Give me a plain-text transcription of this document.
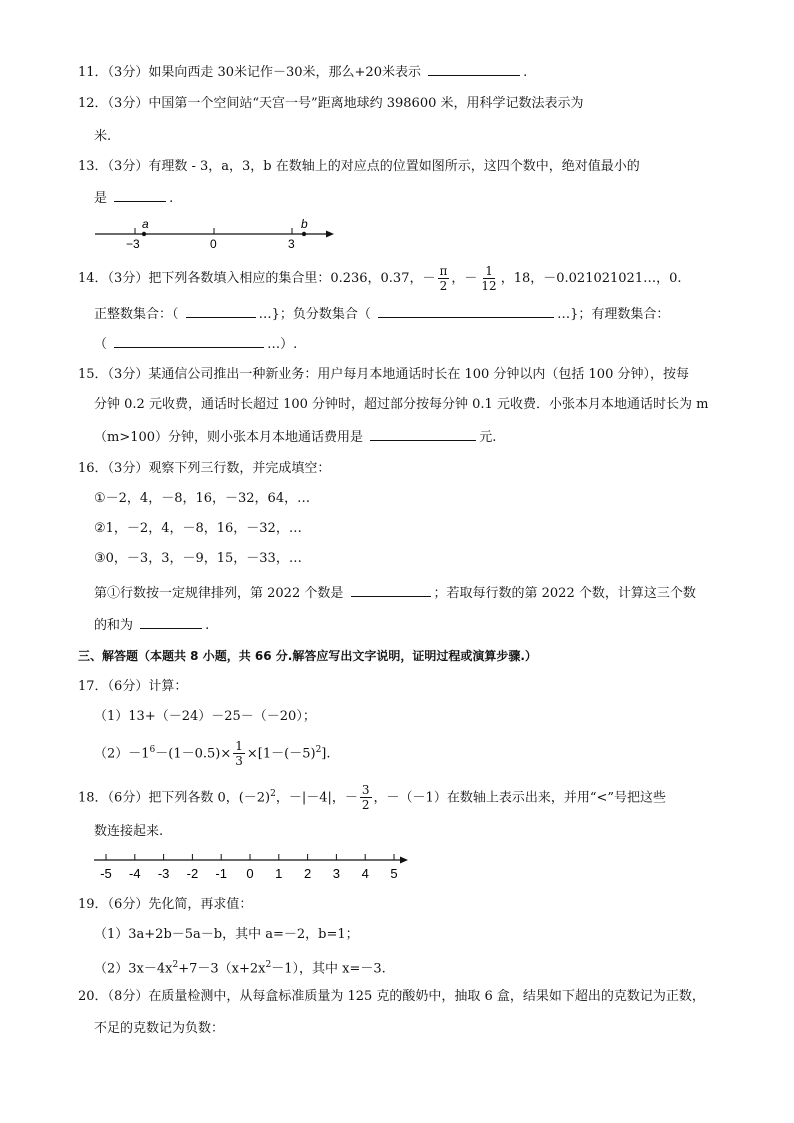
11．（3分）如果向西走 30米记作－30米，那么+20米表示	.
12．（3分）中国第一个空间站“天宫一号”距离地球约 398600 米，用科学记数法表示为
米.
13．（3分）有理数 - 3，a，3，b 在数轴上的对应点的位置如图所示，这四个数中，绝对值最小的
是	.
a	b
−3	0	3
14．（3分）把下列各数填入相应的集合里：0.236，0.37，－ $\frac{\pi}{2}$ ，－ $\frac{1}{12}$ ，18，－0.021021021…，0.
正整数集合：（	…}；负分数集合（	…}；有理数集合：
（	…）.
15．（3分）某通信公司推出一种新业务：用户每月本地通话时长在 100 分钟以内（包括 100 分钟），按每
分钟 0.2 元收费，通话时长超过 100 分钟时，超过部分按每分钟 0.1 元收费．小张本月本地通话时长为 m
（m>100）分钟，则小张本月本地通话费用是	元.
16．（3分）观察下列三行数，并完成填空：
①－2，4，－8，16，－32，64，…
②1，－2，4，－8，16，－32，…
③0，－3，3，－9，15，－33，…
第①行数按一定规律排列，第 2022 个数是	；若取每行数的第 2022 个数，计算这三个数
的和为	.
三、解答题（本题共 8 小题，共 66 分.解答应写出文字说明，证明过程或演算步骤.）
17．（6分）计算：
（1）13+（－24）－25－（－20）；
$(2)-1^6-(1-0.5)\times \frac{1}{3} \times[1-(-5)^2]$.
18．（6分）把下列各数 0，$(-2)^2$，－|－4|，－ $\frac{3}{2}$ ，－（－1）在数轴上表示出来，并用“<”号把这些
数连接起来.
-5 -4 -3 -2 -1 0 1 2 3 4 5
19．（6分）先化简，再求值：
（1）3a+2b－5a－b，其中 a=－2，b=1；
$(2)3x-4x^2+7-3(x+2x^2-1)$，其中 x=－3.
20．（8分）在质量检测中，从每盒标准质量为 125 克的酸奶中，抽取 6 盒，结果如下超出的克数记为正数，
不足的克数记为负数：
